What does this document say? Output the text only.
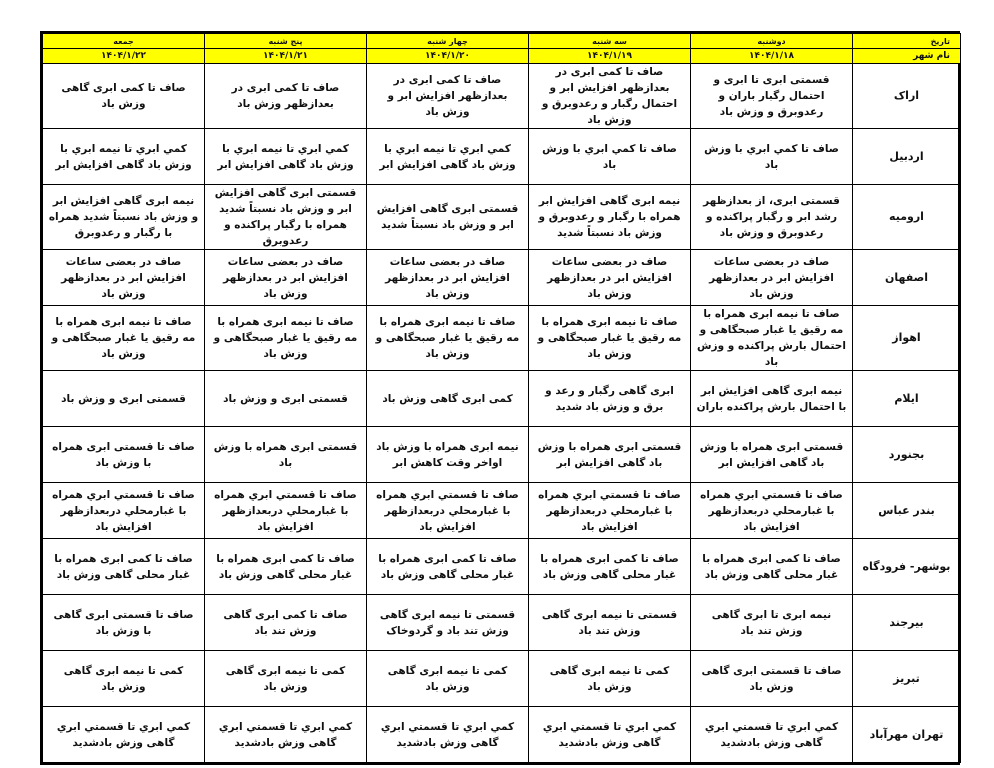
تاریخ	دوشنبه	سه شنبه	چهار شنبه	پنج شنبه	جمعه
نام شهر	۱۴۰۴/۱/۱۸	۱۴۰۴/۱/۱۹	۱۴۰۴/۱/۲۰	۱۴۰۴/۱/۲۱	۱۴۰۴/۱/۲۲
اراک	قسمتی ابری تا ابری و احتمال رگبار باران و رعدوبرق و وزش باد	صاف تا کمی ابری در بعدازظهر افزایش ابر و احتمال رگبار و رعدوبرق و وزش باد	صاف تا کمی ابری در بعدازظهر افزایش ابر و وزش باد	صاف تا کمی ابری در بعدازظهر وزش باد	صاف تا کمی ابری گاهی وزش باد
اردبیل	صاف تا كمي ابري با وزش باد	صاف تا كمي ابري با وزش باد	كمي ابري تا نيمه ابري با وزش باد گاهی افزایش ابر	كمي ابري تا نيمه ابري با وزش باد گاهی افزایش ابر	كمي ابري تا نيمه ابري با وزش باد گاهی افزایش ابر
ارومیه	قسمتی ابری، از بعدازظهر رشد ابر و رگبار پراکنده و رعدوبرق و وزش باد	نیمه ابری گاهی افزایش ابر همراه با رگبار و رعدوبرق و وزش باد نسبتاً شدید	قسمتی ابری گاهی افزایش ابر و وزش باد نسبتاً شدید	قسمتی ابری گاهی افزایش ابر و وزش باد نسبتاً شدید همراه با رگبار پراکنده و رعدوبرق	نیمه ابری گاهی افزایش ابر و وزش باد نسبتاً شدید همراه با رگبار و رعدوبرق
اصفهان	صاف در بعضی ساعات افزایش ابر در بعدازظهر وزش باد	صاف در بعضی ساعات افزایش ابر در بعدازظهر وزش باد	صاف در بعضی ساعات افزایش ابر در بعدازظهر وزش باد	صاف در بعضی ساعات افزایش ابر در بعدازظهر وزش باد	صاف در بعضی ساعات افزایش ابر در بعدازظهر وزش باد
اهواز	صاف تا نیمه ابری همراه با مه رقیق یا غبار صبحگاهی و احتمال بارش پراکنده و وزش باد	صاف تا نیمه ابری همراه با مه رقیق یا غبار صبحگاهی و وزش باد	صاف تا نیمه ابری همراه با مه رقیق یا غبار صبحگاهی و وزش باد	صاف تا نیمه ابری همراه با مه رقیق یا غبار صبحگاهی و وزش باد	صاف تا نیمه ابری همراه با مه رقیق یا غبار صبحگاهی و وزش باد
ایلام	نیمه ابری گاهی افزایش ابر با احتمال بارش پراکنده باران	ابری گاهی رگبار و رعد و برق و وزش باد شدید	کمی ابری گاهی وزش باد	قسمتی ابری و وزش باد	قسمتی ابری و وزش باد
بجنورد	قسمتی ابری همراه با وزش باد گاهی افزایش ابر	قسمتی ابری همراه با وزش باد گاهی افزایش ابر	نیمه ابری همراه با وزش باد اواخر وقت کاهش ابر	قسمتی ابری همراه با وزش باد	صاف تا قسمتی ابری همراه با وزش باد
بندر عباس	صاف تا قسمتي ابري همراه با غبارمحلي دربعدازظهر افزايش باد	صاف تا قسمتي ابري همراه با غبارمحلي دربعدازظهر افزايش باد	صاف تا قسمتي ابري همراه با غبارمحلي دربعدازظهر افزايش باد	صاف تا قسمتي ابري همراه با غبارمحلي دربعدازظهر افزايش باد	صاف تا قسمتي ابري همراه با غبارمحلي دربعدازظهر افزايش باد
بوشهر- فرودگاه	صاف تا کمی ابری همراه با غبار محلی گاهی وزش باد	صاف تا کمی ابری همراه با غبار محلی گاهی وزش باد	صاف تا کمی ابری همراه با غبار محلی گاهی وزش باد	صاف تا کمی ابری همراه با غبار محلی گاهی وزش باد	صاف تا کمی ابری همراه با غبار محلی گاهی وزش باد
بیرجند	نیمه ابری تا ابری گاهی وزش تند باد	قسمتی تا نیمه ابری گاهی وزش تند باد	قسمتی تا نیمه ابری گاهی وزش تند باد و گردوخاک	صاف تا کمی ابری گاهی وزش تند باد	صاف تا قسمتی ابری گاهی با وزش باد
تبریز	صاف تا قسمتی ابری گاهی وزش باد	کمی تا نیمه ابری گاهی وزش باد	کمی تا نیمه ابری گاهی وزش باد	کمی تا نیمه ابری گاهی وزش باد	کمی تا نیمه ابری گاهی وزش باد
تهران مهرآباد	كمي ابري تا قسمتي ابري گاهی وزش بادشدید	كمي ابري تا قسمتي ابري گاهی وزش بادشدید	كمي ابري تا قسمتي ابري گاهی وزش بادشدید	كمي ابري تا قسمتي ابري گاهی وزش بادشدید	كمي ابري تا قسمتي ابري گاهی وزش بادشدید
